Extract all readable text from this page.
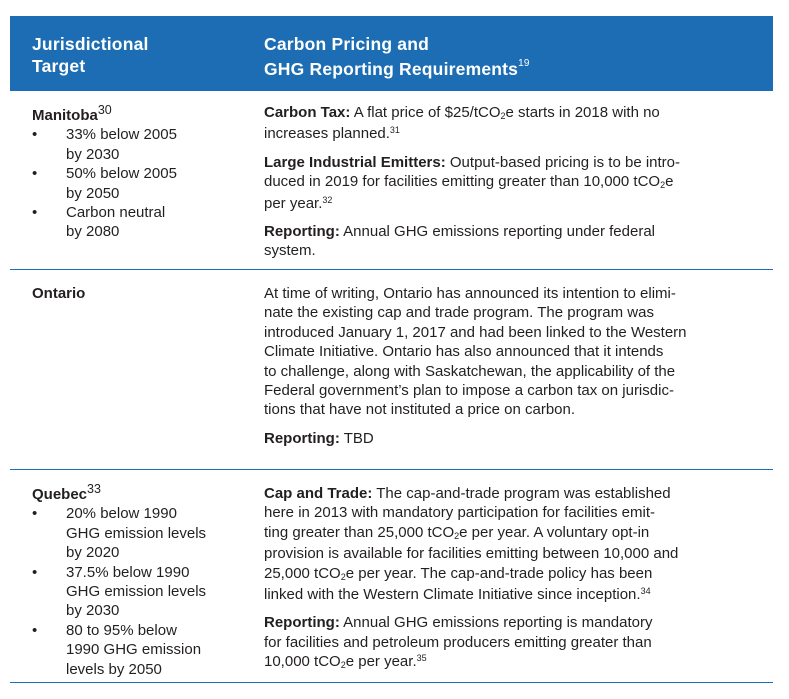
Jurisdictional
Target
Carbon Pricing and
GHG Reporting Requirements$^{19}$
Manitoba$^{30}$
• 33% below 2005
by 2030
• 50% below 2005
by 2050
• Carbon neutral
by 2080
Carbon Tax: A flat price of $25/tCO$_2$e starts in 2018 with no
increases planned.$^{31}$
Large Industrial Emitters: Output-based pricing is to be intro-
duced in 2019 for facilities emitting greater than 10,000 tCO$_2$e
per year.$^{32}$
Reporting: Annual GHG emissions reporting under federal
system.
Ontario	At time of writing, Ontario has announced its intention to elimi-
nate the existing cap and trade program. The program was
introduced January 1, 2017 and had been linked to the Western
Climate Initiative. Ontario has also announced that it intends
to challenge, along with Saskatchewan, the applicability of the
Federal government’s plan to impose a carbon tax on jurisdic-
tions that have not instituted a price on carbon.
Reporting: TBD
Quebec$^{33}$
• 20% below 1990
GHG emission levels
by 2020
• 37.5% below 1990
GHG emission levels
by 2030
• 80 to 95% below
1990 GHG emission
levels by 2050
Cap and Trade: The cap-and-trade program was established
here in 2013 with mandatory participation for facilities emit-
ting greater than 25,000 tCO$_2$e per year. A voluntary opt-in
provision is available for facilities emitting between 10,000 and
25,000 tCO$_2$e per year. The cap-and-trade policy has been
linked with the Western Climate Initiative since inception.$^{34}$
Reporting: Annual GHG emissions reporting is mandatory
for facilities and petroleum producers emitting greater than
10,000 tCO$_2$e per year.$^{35}$
